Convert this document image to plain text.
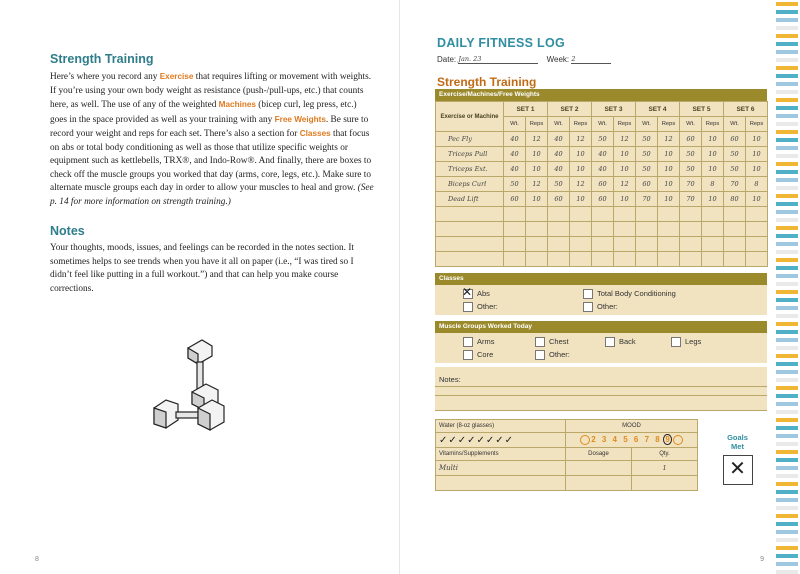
Strength Training

Here’s where you record any Exercise that requires lifting or movement with weights. If you’re using your own body weight as resistance (push-/pull-ups, etc.) that counts here, as well. The use of any of the weighted Machines (bicep curl, leg press, etc.) goes in the space provided as well as your training with any Free Weights. Be sure to record your weight and reps for each set. There’s also a section for Classes that focus on abs or total body conditioning as well as those that utilize specific weights or equipment such as kettlebells, TRX®, and Indo-Row®. And finally, there are boxes to check off the muscle groups you worked that day (arms, core, legs, etc.). Make sure to alternate muscle groups each day in order to allow your muscles to heal and grow. (See p. 14 for more information on strength training.)

Notes

Your thoughts, moods, issues, and feelings can be recorded in the notes section. It sometimes helps to see trends when you have it all on paper (i.e., “I was tired so I didn’t feel like putting in a full workout.”) and that can help you make course corrections.

8
DAILY FITNESS LOG
Date: Jan. 23	Week: 2
Strength Training
Exercise/Machines/Free Weights
Exercise or Machine	SET 1		SET 2		SET 3		SET 4		SET 5		SET 6	
	Wt.	Reps	Wt.	Reps	Wt.	Reps	Wt.	Reps	Wt.	Reps	Wt.	Reps
Pec Fly	40	12	40	12	50	12	50	12	60	10	60	10
Triceps Pull	40	10	40	10	40	10	50	10	50	10	50	10
Triceps Ext.	40	10	40	10	40	10	50	10	50	10	50	10
Biceps Curl	50	12	50	12	60	12	60	10	70	8	70	8
Dead Lift	60	10	60	10	60	10	70	10	70	10	80	10

Classes
✕ Abs	Total Body Conditioning
Other:	Other:
Muscle Groups Worked Today
Arms	Chest	Back	Legs
Core	Other:
Notes:
Water (8-oz glasses)	MOOD	
✓✓✓✓✓✓✓✓	2 3 4 5 6 7 8 9	
Vitamins/Supplements	Dosage	Qty.
Multi		1

Goals
Met
✕
9
